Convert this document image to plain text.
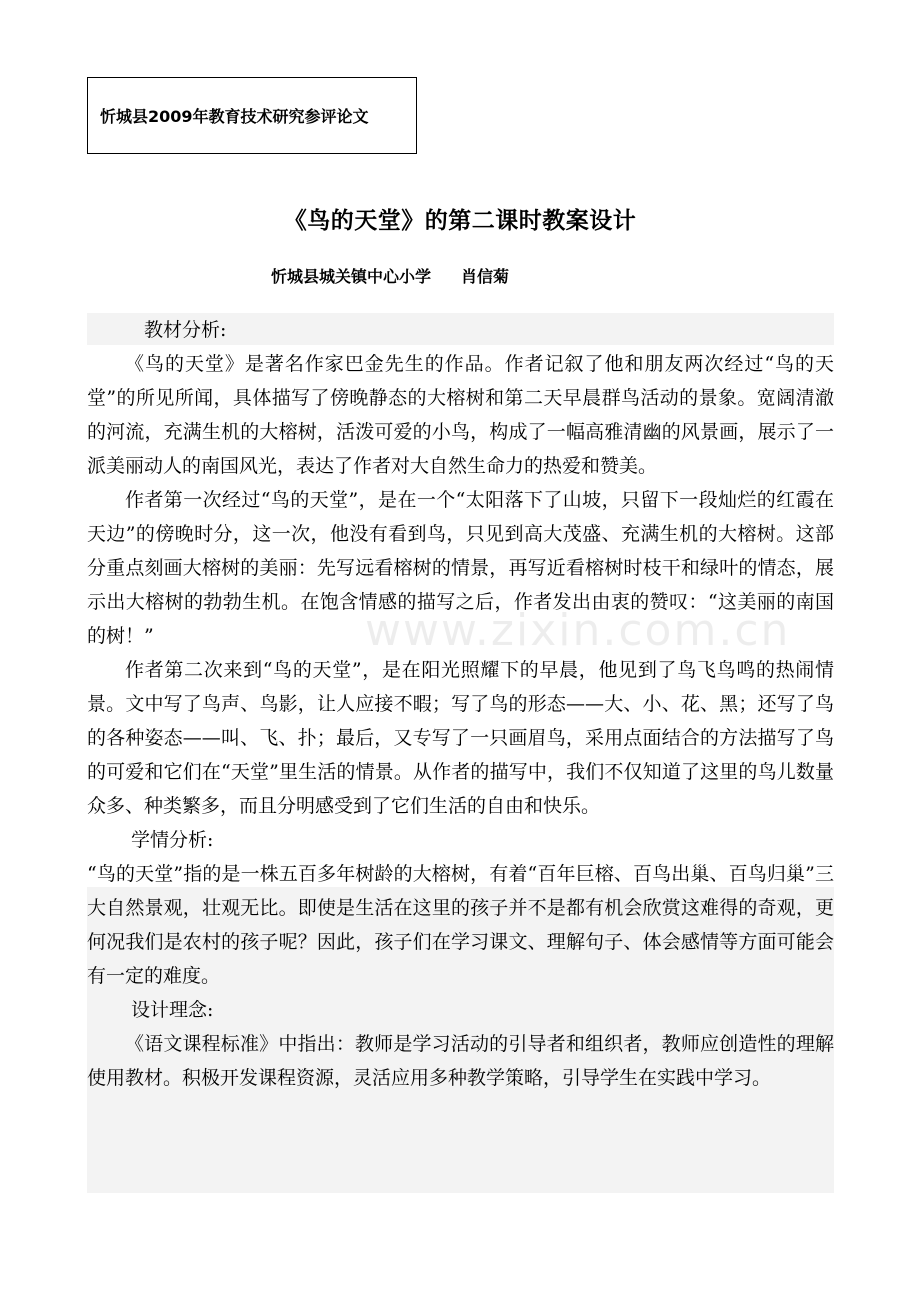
忻城县2009年教育技术研究参评论文
《鸟的天堂》的第二课时教案设计
忻城县城关镇中心小学 肖信菊
www.zixin.com.cn

教材分析:

《鸟的天堂》是著名作家巴金先生的作品。作者记叙了他和朋友两次经过“鸟的天堂”的所见所闻，具体描写了傍晚静态的大榕树和第二天早晨群鸟活动的景象。宽阔清澈的河流，充满生机的大榕树，活泼可爱的小鸟，构成了一幅高雅清幽的风景画，展示了一派美丽动人的南国风光，表达了作者对大自然生命力的热爱和赞美。

作者第一次经过“鸟的天堂”，是在一个“太阳落下了山坡，只留下一段灿烂的红霞在天边”的傍晚时分，这一次，他没有看到鸟，只见到高大茂盛、充满生机的大榕树。这部分重点刻画大榕树的美丽：先写远看榕树的情景，再写近看榕树时枝干和绿叶的情态，展示出大榕树的勃勃生机。在饱含情感的描写之后，作者发出由衷的赞叹：“这美丽的南国的树！”

作者第二次来到“鸟的天堂”，是在阳光照耀下的早晨，他见到了鸟飞鸟鸣的热闹情景。文中写了鸟声、鸟影，让人应接不暇；写了鸟的形态——大、小、花、黑；还写了鸟的各种姿态——叫、飞、扑；最后，又专写了一只画眉鸟，采用点面结合的方法描写了鸟的可爱和它们在“天堂”里生活的情景。从作者的描写中，我们不仅知道了这里的鸟儿数量众多、种类繁多，而且分明感受到了它们生活的自由和快乐。

学情分析:

“鸟的天堂”指的是一株五百多年树龄的大榕树，有着“百年巨榕、百鸟出巢、百鸟归巢”三大自然景观，壮观无比。即使是生活在这里的孩子并不是都有机会欣赏这难得的奇观，更何况我们是农村的孩子呢？因此，孩子们在学习课文、理解句子、体会感情等方面可能会有一定的难度。

设计理念:

《语文课程标准》中指出：教师是学习活动的引导者和组织者，教师应创造性的理解使用教材。积极开发课程资源，灵活应用多种教学策略，引导学生在实践中学习。
